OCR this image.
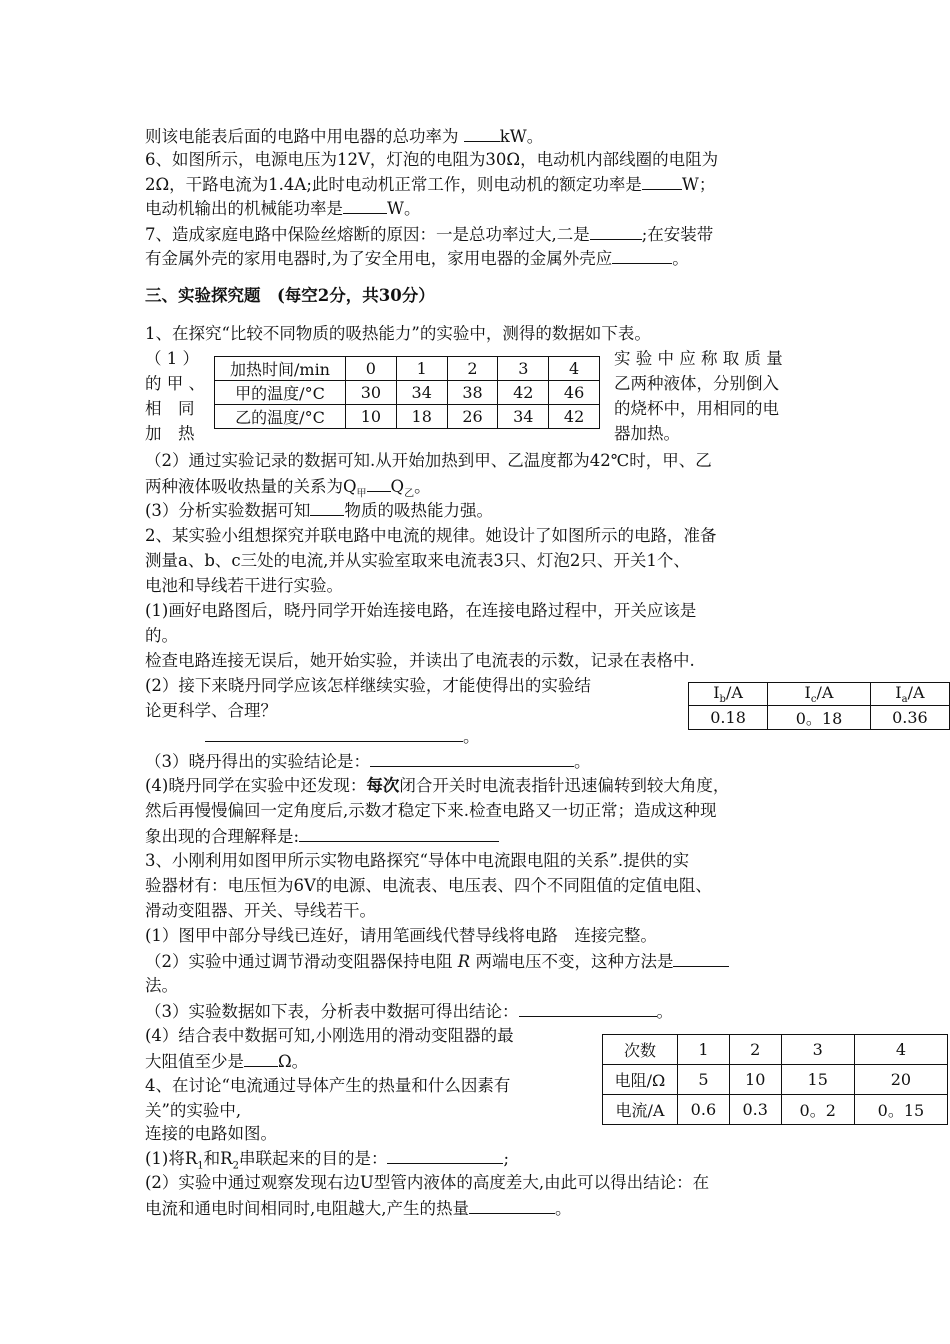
则该电能表后面的电路中用电器的总功率为	kW。
6、如图所示，电源电压为12V，灯泡的电阻为30Ω，电动机内部线圈的电阻为
2Ω，干路电流为1.4A;此时电动机正常工作，则电动机的额定功率是 W；
电动机输出的机械能功率是	W。
7、造成家庭电路中保险丝熔断的原因：一是总功率过大,二是	;在安装带
有金属外壳的家用电器时,为了安全用电，家用电器的金属外壳应	。
三、实验探究题　(每空2分，共30分）
1、在探究“比较不同物质的吸热能力”的实验中，测得的数据如下表。
（ 1 ）
的 甲 、
相　同
加　热
加热时间/min	0	1	2	3	4
甲的温度/°C	30	34	38	42	46
乙的温度/°C	10	18	26	34	42
实 验 中 应 称 取 质 量
乙两种液体，分别倒入
的烧杯中，用相同的电
器加热。
（2）通过实验记录的数据可知.从开始加热到甲、乙温度都为42℃时，甲、乙
两种液体吸收热量的关系为$Q_甲$ $Q_乙$。
(3）分析实验数据可知 物质的吸热能力强。
2、某实验小组想探究并联电路中电流的规律。她设计了如图所示的电路，准备
测量a、b、c三处的电流,并从实验室取来电流表3只、灯泡2只、开关1个、
电池和导线若干进行实验。
(1)画好电路图后，晓丹同学开始连接电路，在连接电路过程中，开关应该是
的。
检查电路连接无误后，她开始实验，并读出了电流表的示数，记录在表格中.
(2）接下来晓丹同学应该怎样继续实验，才能使得出的实验结
论更科学、合理？
$I_b/A$	$I_c/A$	$I_a/A$
0.18	0。18	0.36
。
（3）晓丹得出的实验结论是：	。
(4)晓丹同学在实验中还发现：每次闭合开关时电流表指针迅速偏转到较大角度，
然后再慢慢偏回一定角度后,示数才稳定下来.检查电路又一切正常；造成这种现
象出现的合理解释是:
3、小刚利用如图甲所示实物电路探究“导体中电流跟电阻的关系”.提供的实
验器材有：电压恒为6V的电源、电流表、电压表、四个不同阻值的定值电阻、
滑动变阻器、开关、导线若干。
(1）图甲中部分导线已连好，请用笔画线代替导线将电路　连接完整。
（2）实验中通过调节滑动变阻器保持电阻 R 两端电压不变，这种方法是
法。
（3）实验数据如下表，分析表中数据可得出结论：	。
(4）结合表中数据可知,小刚选用的滑动变阻器的最
大阻值至少是 Ω。
次数	1	2	3	4
电阻/Ω	5	10	15	20
电流/A	0.6	0.3	0。2	0。15
4、在讨论“电流通过导体产生的热量和什么因素有
关”的实验中,
连接的电路如图。
(1)将$R_1$和$R_2$串联起来的目的是：	;
(2）实验中通过观察发现右边U型管内液体的高度差大,由此可以得出结论：在
电流和通电时间相同时,电阻越大,产生的热量	。
